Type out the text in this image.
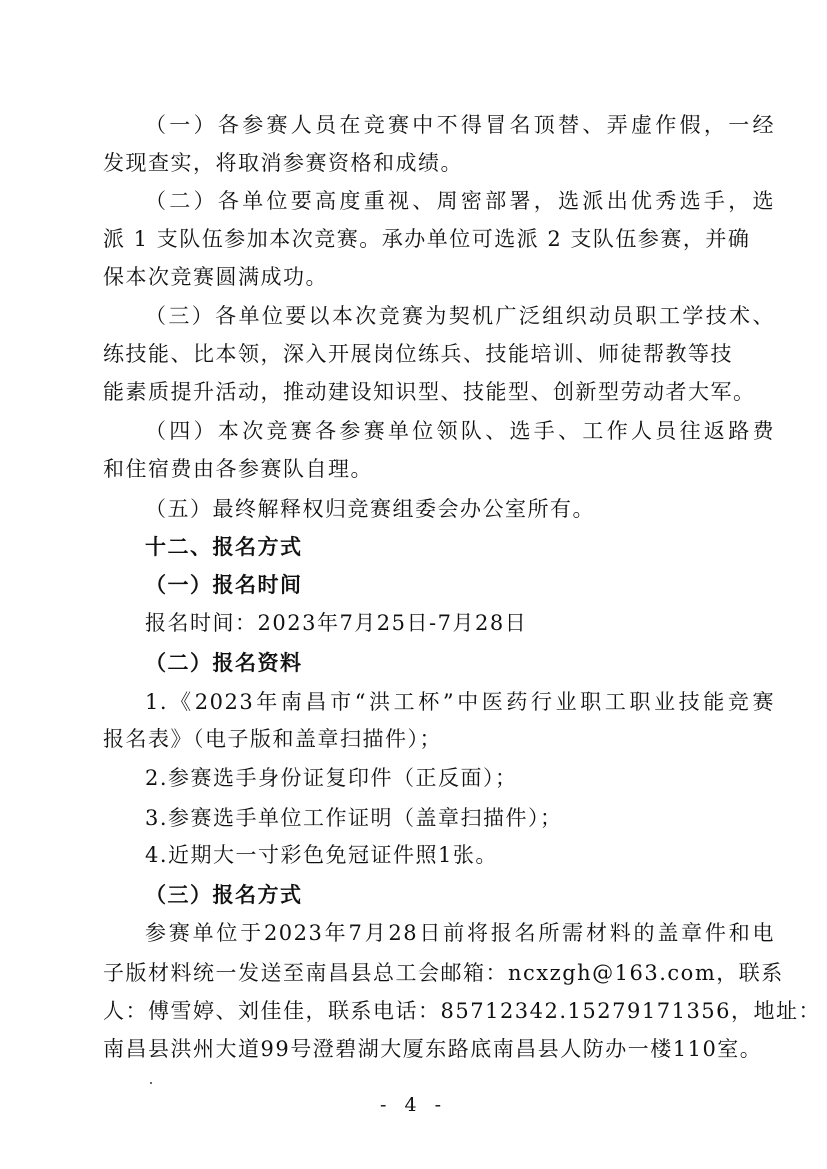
（一）各参赛人员在竞赛中不得冒名顶替、弄虚作假，一经
发现查实，将取消参赛资格和成绩。
（二）各单位要高度重视、周密部署，选派出优秀选手，选
派 1 支队伍参加本次竞赛。承办单位可选派 2 支队伍参赛，并确
保本次竞赛圆满成功。
（三）各单位要以本次竞赛为契机广泛组织动员职工学技术、
练技能、比本领，深入开展岗位练兵、技能培训、师徒帮教等技
能素质提升活动，推动建设知识型、技能型、创新型劳动者大军。
（四）本次竞赛各参赛单位领队、选手、工作人员往返路费
和住宿费由各参赛队自理。
（五）最终解释权归竞赛组委会办公室所有。
十二、报名方式
（一）报名时间
报名时间：2023年7月25日-7月28日
（二）报名资料
1.《2023年南昌市“洪工杯”中医药行业职工职业技能竞赛
报名表》（电子版和盖章扫描件）；
2.参赛选手身份证复印件（正反面）；
3.参赛选手单位工作证明（盖章扫描件）；
4.近期大一寸彩色免冠证件照1张。
（三）报名方式
参赛单位于2023年7月28日前将报名所需材料的盖章件和电
子版材料统一发送至南昌县总工会邮箱：ncxzgh@163.com，联系
人：傅雪婷、刘佳佳，联系电话：85712342.15279171356，地址：
南昌县洪州大道99号澄碧湖大厦东路底南昌县人防办一楼110室。
- 4 -
